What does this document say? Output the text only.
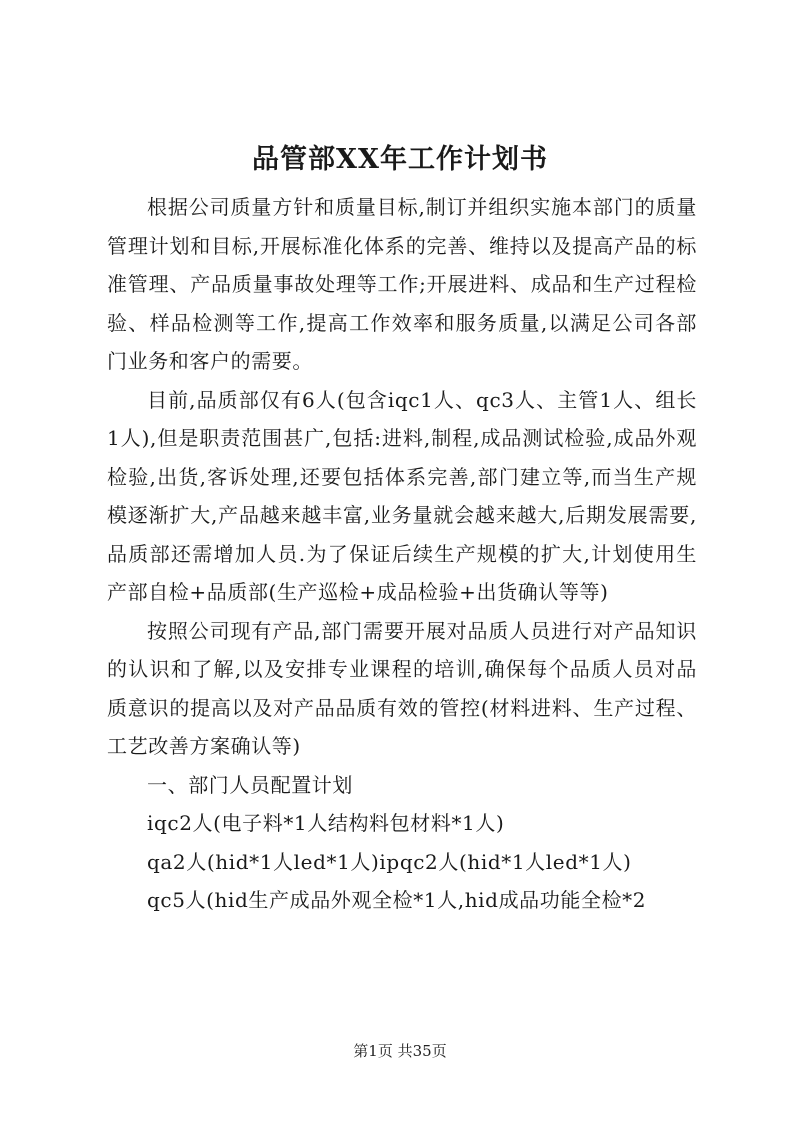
品管部XX年工作计划书

根据公司质量方针和质量目标,制订并组织实施本部门的质量管理计划和目标,开展标准化体系的完善、维持以及提高产品的标准管理、产品质量事故处理等工作;开展进料、成品和生产过程检验、样品检测等工作,提高工作效率和服务质量,以满足公司各部门业务和客户的需要。

目前,品质部仅有6人(包含iqc1人、qc3人、主管1人、组长1人),但是职责范围甚广,包括:进料,制程,成品测试检验,成品外观检验,出货,客诉处理,还要包括体系完善,部门建立等,而当生产规模逐渐扩大,产品越来越丰富,业务量就会越来越大,后期发展需要,品质部还需增加人员.为了保证后续生产规模的扩大,计划使用生产部自检+品质部(生产巡检+成品检验+出货确认等等)

按照公司现有产品,部门需要开展对品质人员进行对产品知识的认识和了解,以及安排专业课程的培训,确保每个品质人员对品质意识的提高以及对产品品质有效的管控(材料进料、生产过程、工艺改善方案确认等)

一、部门人员配置计划

iqc2人(电子料*1人结构料包材料*1人)

qa2人(hid*1人led*1人)ipqc2人(hid*1人led*1人)

qc5人(hid生产成品外观全检*1人,hid成品功能全检*2

第1页 共35页
